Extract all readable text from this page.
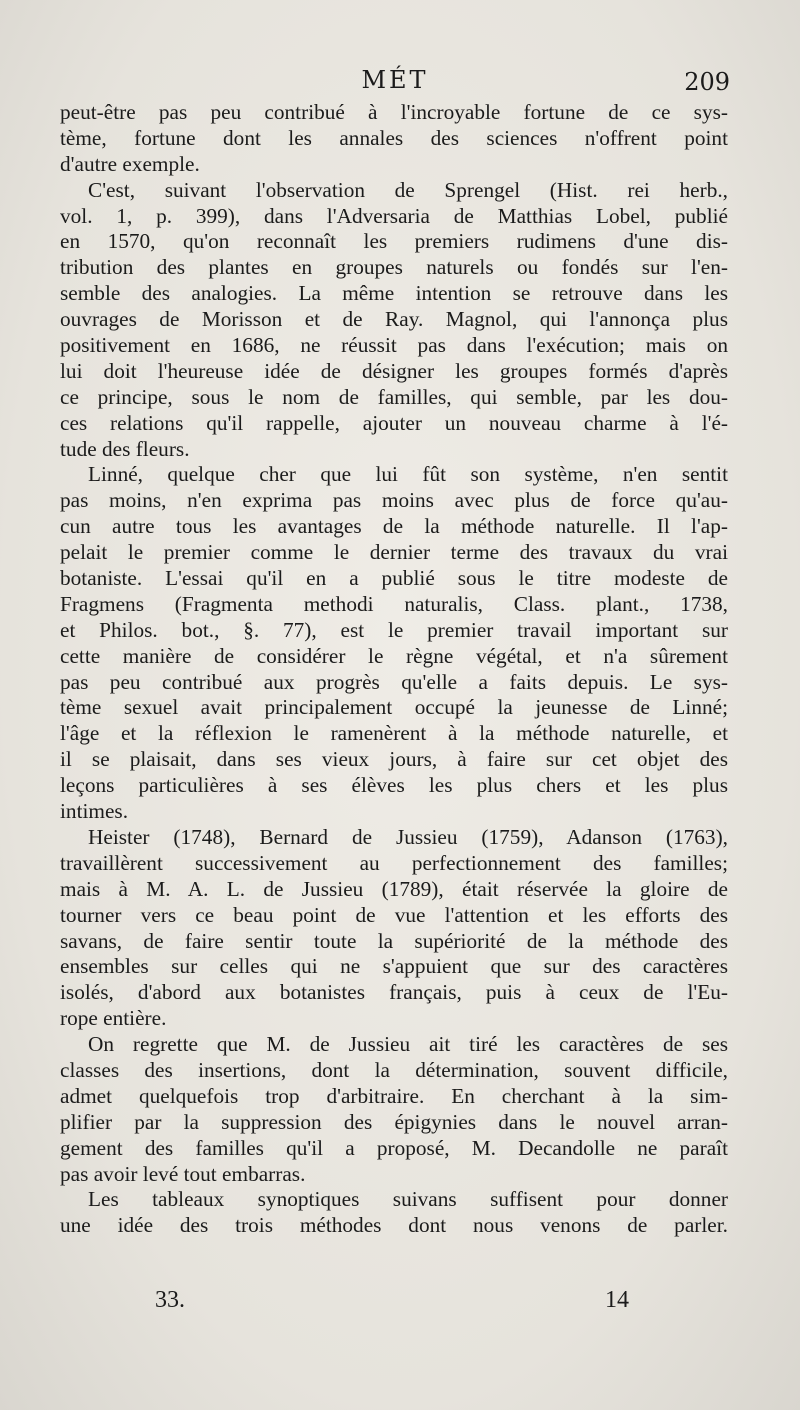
MÉT	209
peut-être pas peu contribué à l'incroyable fortune de ce sys-
tème, fortune dont les annales des sciences n'offrent point
d'autre exemple.
C'est, suivant l'observation de Sprengel (Hist. rei herb.,
vol. 1, p. 399), dans l'Adversaria de Matthias Lobel, publié
en 1570, qu'on reconnaît les premiers rudimens d'une dis-
tribution des plantes en groupes naturels ou fondés sur l'en-
semble des analogies. La même intention se retrouve dans les
ouvrages de Morisson et de Ray. Magnol, qui l'annonça plus
positivement en 1686, ne réussit pas dans l'exécution; mais on
lui doit l'heureuse idée de désigner les groupes formés d'après
ce principe, sous le nom de familles, qui semble, par les dou-
ces relations qu'il rappelle, ajouter un nouveau charme à l'é-
tude des fleurs.
Linné, quelque cher que lui fût son système, n'en sentit
pas moins, n'en exprima pas moins avec plus de force qu'au-
cun autre tous les avantages de la méthode naturelle. Il l'ap-
pelait le premier comme le dernier terme des travaux du vrai
botaniste. L'essai qu'il en a publié sous le titre modeste de
Fragmens (Fragmenta methodi naturalis, Class. plant., 1738,
et Philos. bot., §. 77), est le premier travail important sur
cette manière de considérer le règne végétal, et n'a sûrement
pas peu contribué aux progrès qu'elle a faits depuis. Le sys-
tème sexuel avait principalement occupé la jeunesse de Linné;
l'âge et la réflexion le ramenèrent à la méthode naturelle, et
il se plaisait, dans ses vieux jours, à faire sur cet objet des
leçons particulières à ses élèves les plus chers et les plus
intimes.
Heister (1748), Bernard de Jussieu (1759), Adanson (1763),
travaillèrent successivement au perfectionnement des familles;
mais à M. A. L. de Jussieu (1789), était réservée la gloire de
tourner vers ce beau point de vue l'attention et les efforts des
savans, de faire sentir toute la supériorité de la méthode des
ensembles sur celles qui ne s'appuient que sur des caractères
isolés, d'abord aux botanistes français, puis à ceux de l'Eu-
rope entière.
On regrette que M. de Jussieu ait tiré les caractères de ses
classes des insertions, dont la détermination, souvent difficile,
admet quelquefois trop d'arbitraire. En cherchant à la sim-
plifier par la suppression des épigynies dans le nouvel arran-
gement des familles qu'il a proposé, M. Decandolle ne paraît
pas avoir levé tout embarras.
Les tableaux synoptiques suivans suffisent pour donner
une idée des trois méthodes dont nous venons de parler.
33.	14
